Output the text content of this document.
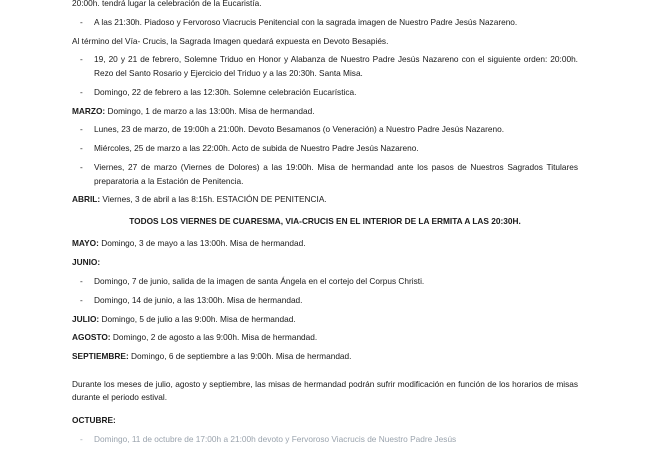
20:00h. tendrá lugar la celebración de la Eucaristía.

- A las 21:30h. Piadoso y Fervoroso Viacrucis Penitencial con la sagrada imagen de Nuestro Padre Jesús Nazareno.

Al término del Vía- Crucis, la Sagrada Imagen quedará expuesta en Devoto Besapiés.

- 19, 20 y 21 de febrero, Solemne Triduo en Honor y Alabanza de Nuestro Padre Jesús Nazareno con el siguiente orden: 20:00h. Rezo del Santo Rosario y Ejercicio del Triduo y a las 20:30h. Santa Misa.

- Domingo, 22 de febrero a las 12:30h. Solemne celebración Eucarística.

MARZO: Domingo, 1 de marzo a las 13:00h. Misa de hermandad.

- Lunes, 23 de marzo, de 19:00h a 21:00h. Devoto Besamanos (o Veneración) a Nuestro Padre Jesús Nazareno.

- Miércoles, 25 de marzo a las 22:00h. Acto de subida de Nuestro Padre Jesús Nazareno.

- Viernes, 27 de marzo (Viernes de Dolores) a las 19:00h. Misa de hermandad ante los pasos de Nuestros Sagrados Titulares preparatoria a la Estación de Penitencia.

ABRIL: Viernes, 3 de abril a las 8:15h. ESTACIÓN DE PENITENCIA.

TODOS LOS VIERNES DE CUARESMA, VIA-CRUCIS EN EL INTERIOR DE LA ERMITA A LAS 20:30H.

MAYO: Domingo, 3 de mayo a las 13:00h. Misa de hermandad.

JUNIO:

- Domingo, 7 de junio, salida de la imagen de santa Ángela en el cortejo del Corpus Christi.

- Domingo, 14 de junio, a las 13:00h. Misa de hermandad.

JULIO: Domingo, 5 de julio a las 9:00h. Misa de hermandad.

AGOSTO: Domingo, 2 de agosto a las 9:00h. Misa de hermandad.

SEPTIEMBRE: Domingo, 6 de septiembre a las 9:00h. Misa de hermandad.

Durante los meses de julio, agosto y septiembre, las misas de hermandad podrán sufrir modificación en función de los horarios de misas durante el periodo estival.

OCTUBRE:

- Domingo, 11 de octubre de 17:00h a 21:00h devoto y Fervoroso Viacrucis de Nuestro Padre Jesús
